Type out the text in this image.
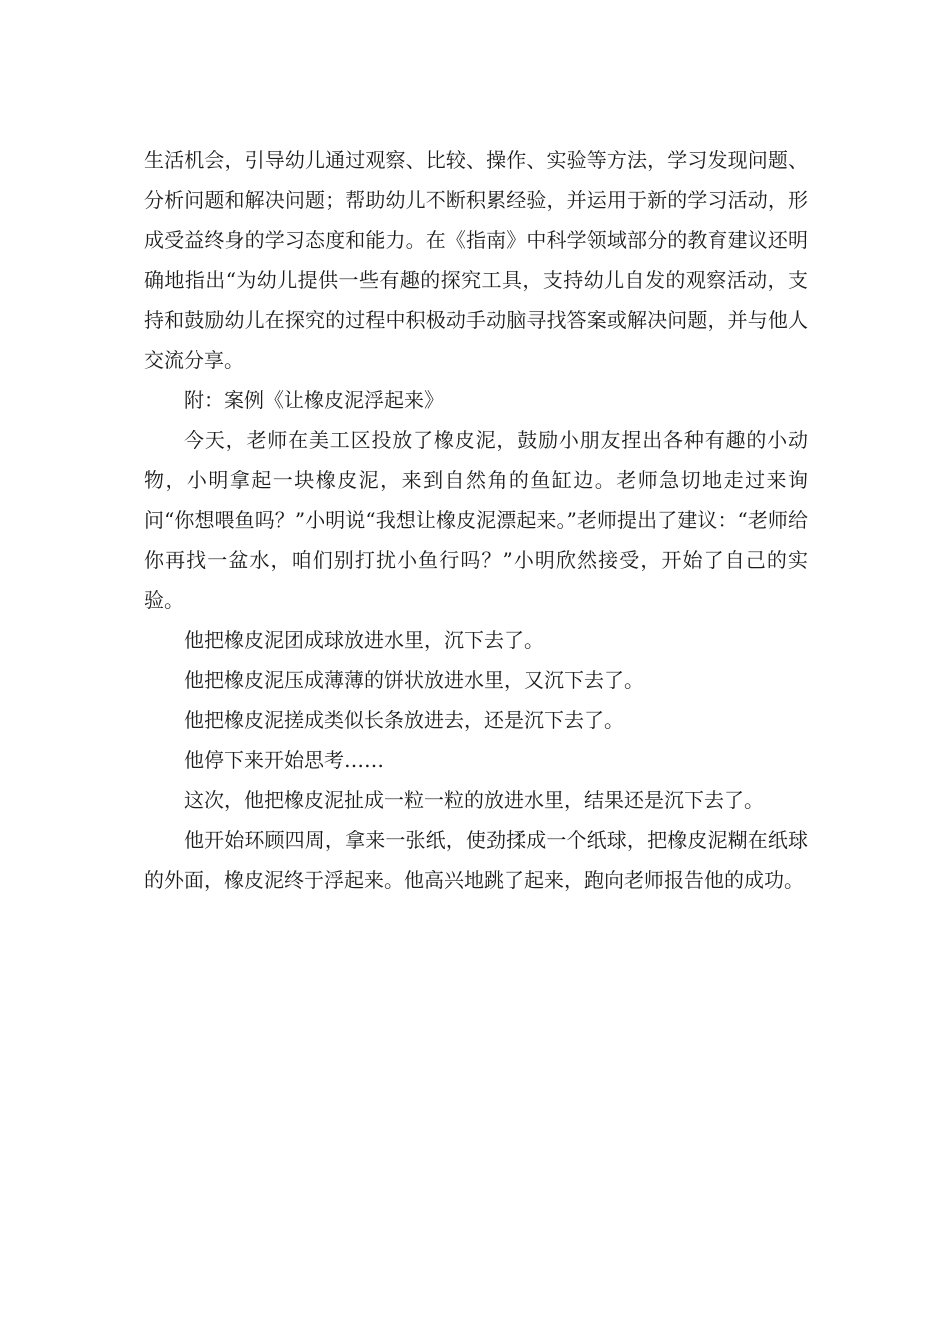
生活机会，引导幼儿通过观察、比较、操作、实验等方法，学习发现问题、分析问题和解决问题；帮助幼儿不断积累经验，并运用于新的学习活动，形成受益终身的学习态度和能力。在《指南》中科学领域部分的教育建议还明确地指出“为幼儿提供一些有趣的探究工具，支持幼儿自发的观察活动，支持和鼓励幼儿在探究的过程中积极动手动脑寻找答案或解决问题，并与他人交流分享。

附：案例《让橡皮泥浮起来》

今天，老师在美工区投放了橡皮泥，鼓励小朋友捏出各种有趣的小动物，小明拿起一块橡皮泥，来到自然角的鱼缸边。老师急切地走过来询问“你想喂鱼吗？”小明说“我想让橡皮泥漂起来。”老师提出了建议：“老师给你再找一盆水，咱们别打扰小鱼行吗？”小明欣然接受，开始了自己的实验。

他把橡皮泥团成球放进水里，沉下去了。

他把橡皮泥压成薄薄的饼状放进水里，又沉下去了。

他把橡皮泥搓成类似长条放进去，还是沉下去了。

他停下来开始思考……

这次，他把橡皮泥扯成一粒一粒的放进水里，结果还是沉下去了。

他开始环顾四周，拿来一张纸，使劲揉成一个纸球，把橡皮泥糊在纸球的外面，橡皮泥终于浮起来。他高兴地跳了起来，跑向老师报告他的成功。
